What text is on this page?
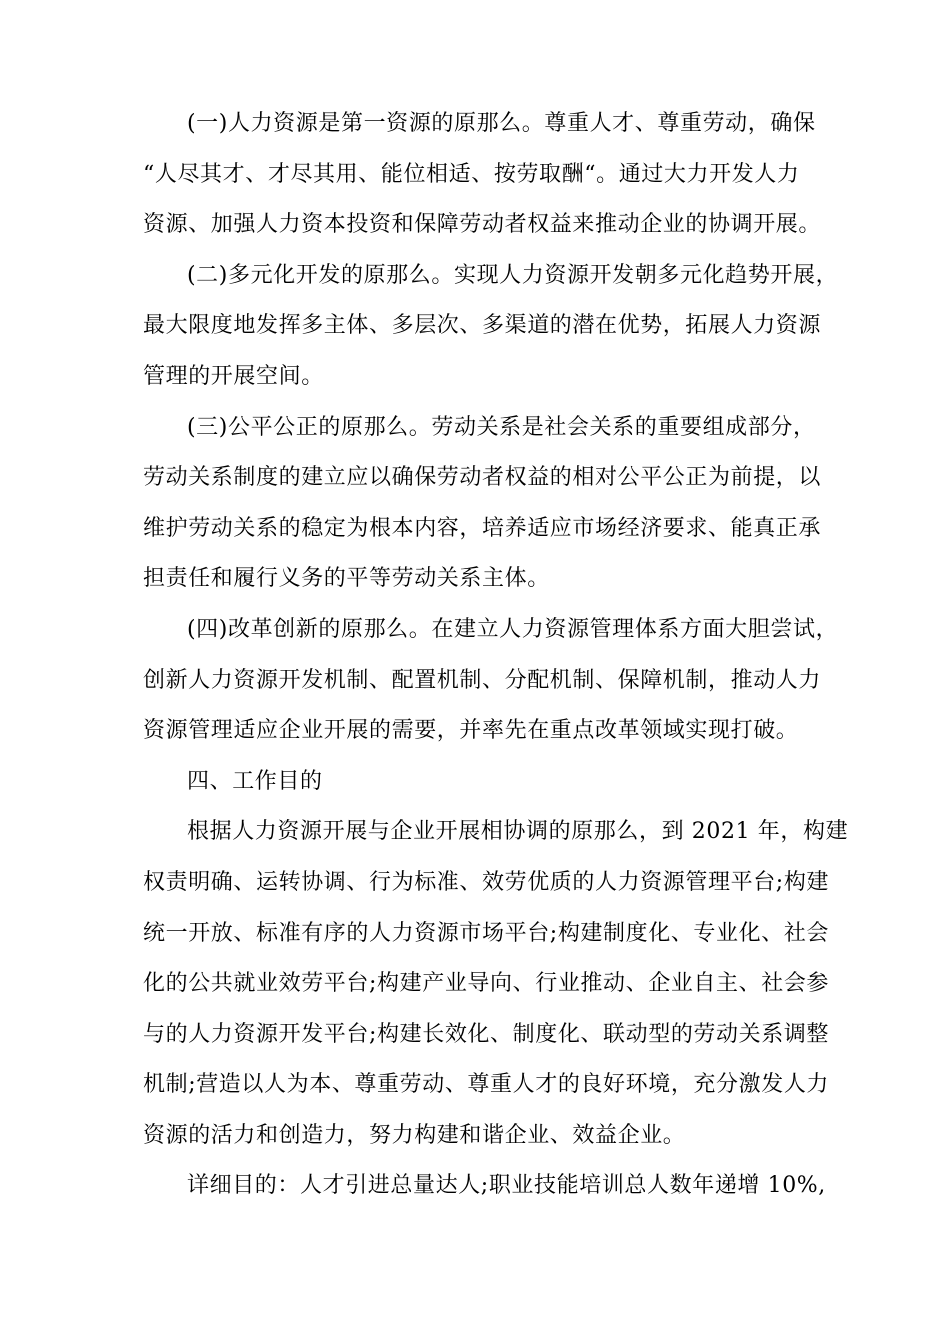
(一)人力资源是第一资源的原那么。尊重人才、尊重劳动，确保
“人尽其才、才尽其用、能位相适、按劳取酬“。通过大力开发人力
资源、加强人力资本投资和保障劳动者权益来推动企业的协调开展。
(二)多元化开发的原那么。实现人力资源开发朝多元化趋势开展，
最大限度地发挥多主体、多层次、多渠道的潜在优势，拓展人力资源
管理的开展空间。
(三)公平公正的原那么。劳动关系是社会关系的重要组成部分，
劳动关系制度的建立应以确保劳动者权益的相对公平公正为前提，以
维护劳动关系的稳定为根本内容，培养适应市场经济要求、能真正承
担责任和履行义务的平等劳动关系主体。
(四)改革创新的原那么。在建立人力资源管理体系方面大胆尝试，
创新人力资源开发机制、配置机制、分配机制、保障机制，推动人力
资源管理适应企业开展的需要，并率先在重点改革领域实现打破。
四、工作目的
根据人力资源开展与企业开展相协调的原那么，到 2021 年，构建
权责明确、运转协调、行为标准、效劳优质的人力资源管理平台;构建
统一开放、标准有序的人力资源市场平台;构建制度化、专业化、社会
化的公共就业效劳平台;构建产业导向、行业推动、企业自主、社会参
与的人力资源开发平台;构建长效化、制度化、联动型的劳动关系调整
机制;营造以人为本、尊重劳动、尊重人才的良好环境，充分激发人力
资源的活力和创造力，努力构建和谐企业、效益企业。
详细目的：人才引进总量达人;职业技能培训总人数年递增 10%,
